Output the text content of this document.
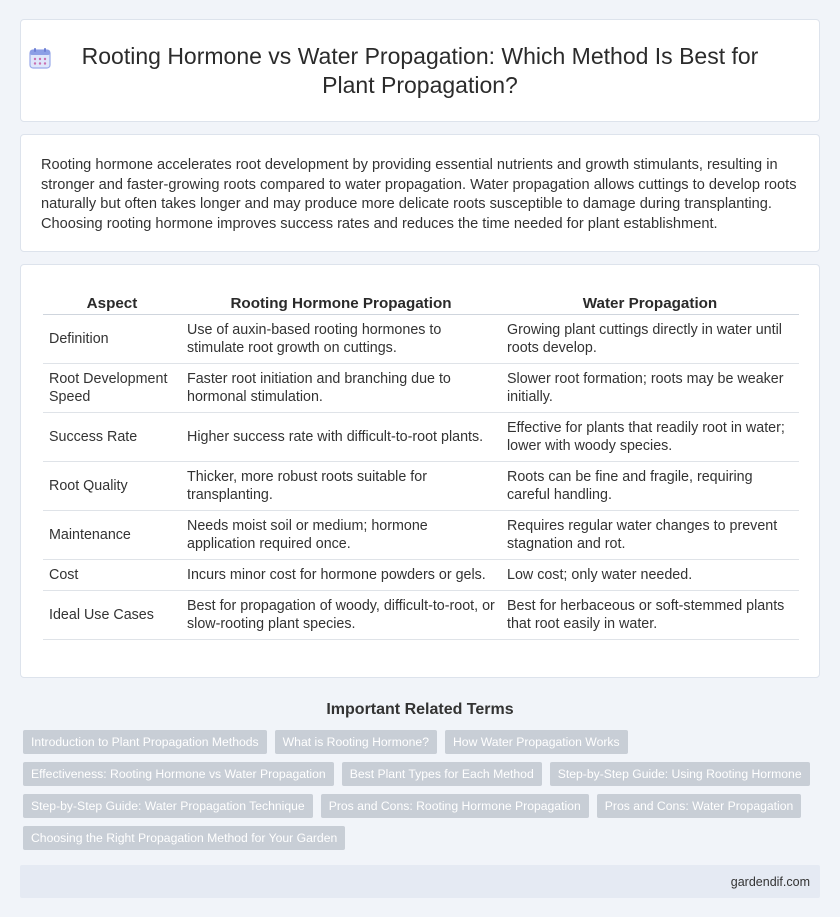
Rooting Hormone vs Water Propagation: Which Method Is Best for Plant Propagation?

Rooting hormone accelerates root development by providing essential nutrients and growth stimulants, resulting in stronger and faster-growing roots compared to water propagation. Water propagation allows cuttings to develop roots naturally but often takes longer and may produce more delicate roots susceptible to damage during transplanting. Choosing rooting hormone improves success rates and reduces the time needed for plant establishment.

Aspect	Rooting Hormone Propagation	Water Propagation
Definition	Use of auxin-based rooting hormones to stimulate root growth on cuttings.	Growing plant cuttings directly in water until roots develop.
Root Development Speed	Faster root initiation and branching due to hormonal stimulation.	Slower root formation; roots may be weaker initially.
Success Rate	Higher success rate with difficult-to-root plants.	Effective for plants that readily root in water; lower with woody species.
Root Quality	Thicker, more robust roots suitable for transplanting.	Roots can be fine and fragile, requiring careful handling.
Maintenance	Needs moist soil or medium; hormone application required once.	Requires regular water changes to prevent stagnation and rot.
Cost	Incurs minor cost for hormone powders or gels.	Low cost; only water needed.
Ideal Use Cases	Best for propagation of woody, difficult-to-root, or slow-rooting plant species.	Best for herbaceous or soft-stemmed plants that root easily in water.
Important Related Terms
Introduction to Plant Propagation Methods	What is Rooting Hormone?	How Water Propagation Works
Effectiveness: Rooting Hormone vs Water Propagation	Best Plant Types for Each Method	Step-by-Step Guide: Using Rooting Hormone
Step-by-Step Guide: Water Propagation Technique	Pros and Cons: Rooting Hormone Propagation	Pros and Cons: Water Propagation
Choosing the Right Propagation Method for Your Garden
gardendif.com
